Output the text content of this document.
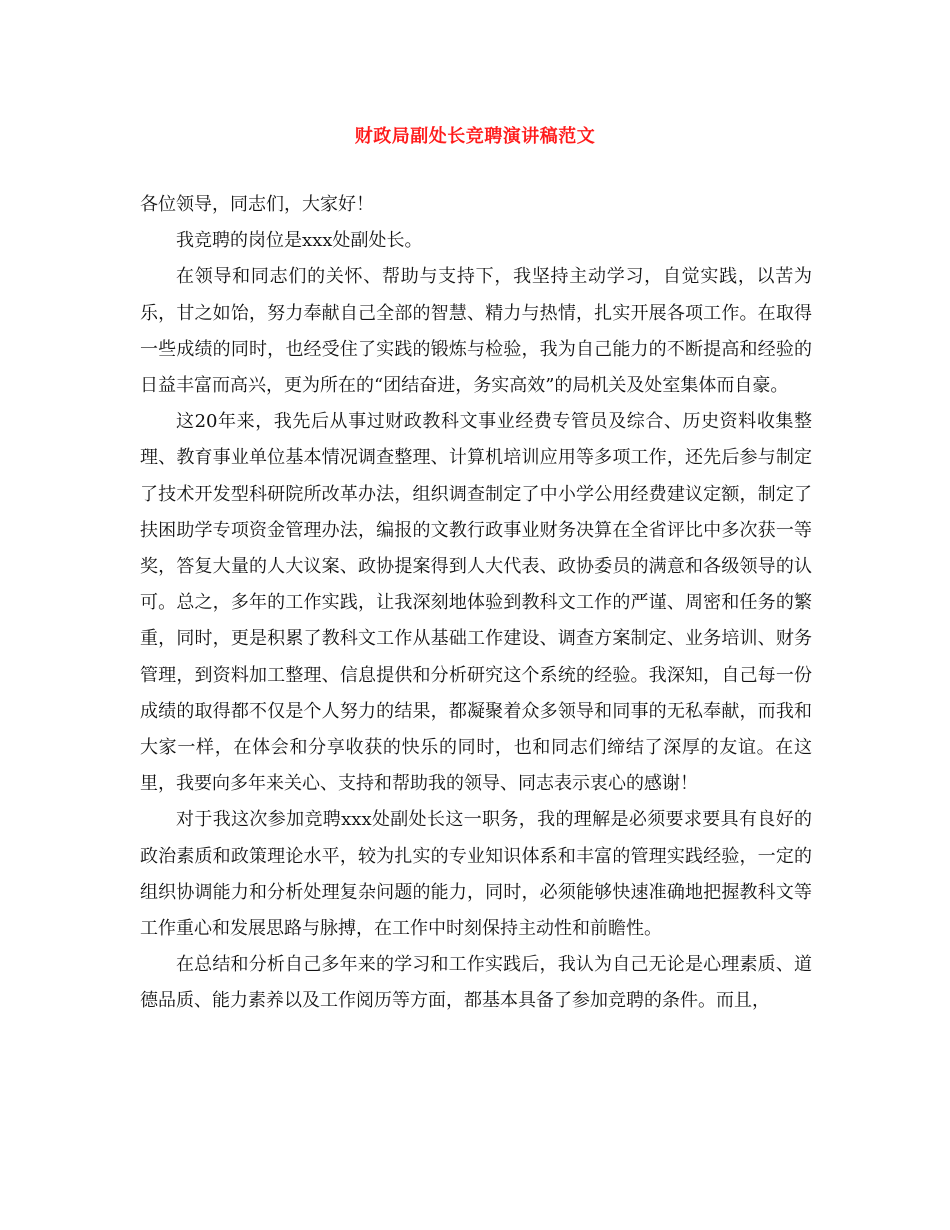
财政局副处长竞聘演讲稿范文

各位领导，同志们，大家好！

我竞聘的岗位是xxx处副处长。

在领导和同志们的关怀、帮助与支持下，我坚持主动学习，自觉实践，以苦为乐，甘之如饴，努力奉献自己全部的智慧、精力与热情，扎实开展各项工作。在取得一些成绩的同时，也经受住了实践的锻炼与检验，我为自己能力的不断提高和经验的日益丰富而高兴，更为所在的“团结奋进，务实高效”的局机关及处室集体而自豪。

这20年来，我先后从事过财政教科文事业经费专管员及综合、历史资料收集整理、教育事业单位基本情况调查整理、计算机培训应用等多项工作，还先后参与制定了技术开发型科研院所改革办法，组织调查制定了中小学公用经费建议定额，制定了扶困助学专项资金管理办法，编报的文教行政事业财务决算在全省评比中多次获一等奖，答复大量的人大议案、政协提案得到人大代表、政协委员的满意和各级领导的认可。总之，多年的工作实践，让我深刻地体验到教科文工作的严谨、周密和任务的繁重，同时，更是积累了教科文工作从基础工作建设、调查方案制定、业务培训、财务管理，到资料加工整理、信息提供和分析研究这个系统的经验。我深知，自己每一份成绩的取得都不仅是个人努力的结果，都凝聚着众多领导和同事的无私奉献，而我和大家一样，在体会和分享收获的快乐的同时，也和同志们缔结了深厚的友谊。在这里，我要向多年来关心、支持和帮助我的领导、同志表示衷心的感谢！

对于我这次参加竞聘xxx处副处长这一职务，我的理解是必须要求要具有良好的政治素质和政策理论水平，较为扎实的专业知识体系和丰富的管理实践经验，一定的组织协调能力和分析处理复杂问题的能力，同时，必须能够快速准确地把握教科文等工作重心和发展思路与脉搏，在工作中时刻保持主动性和前瞻性。

在总结和分析自己多年来的学习和工作实践后，我认为自己无论是心理素质、道德品质、能力素养以及工作阅历等方面，都基本具备了参加竞聘的条件。而且，
